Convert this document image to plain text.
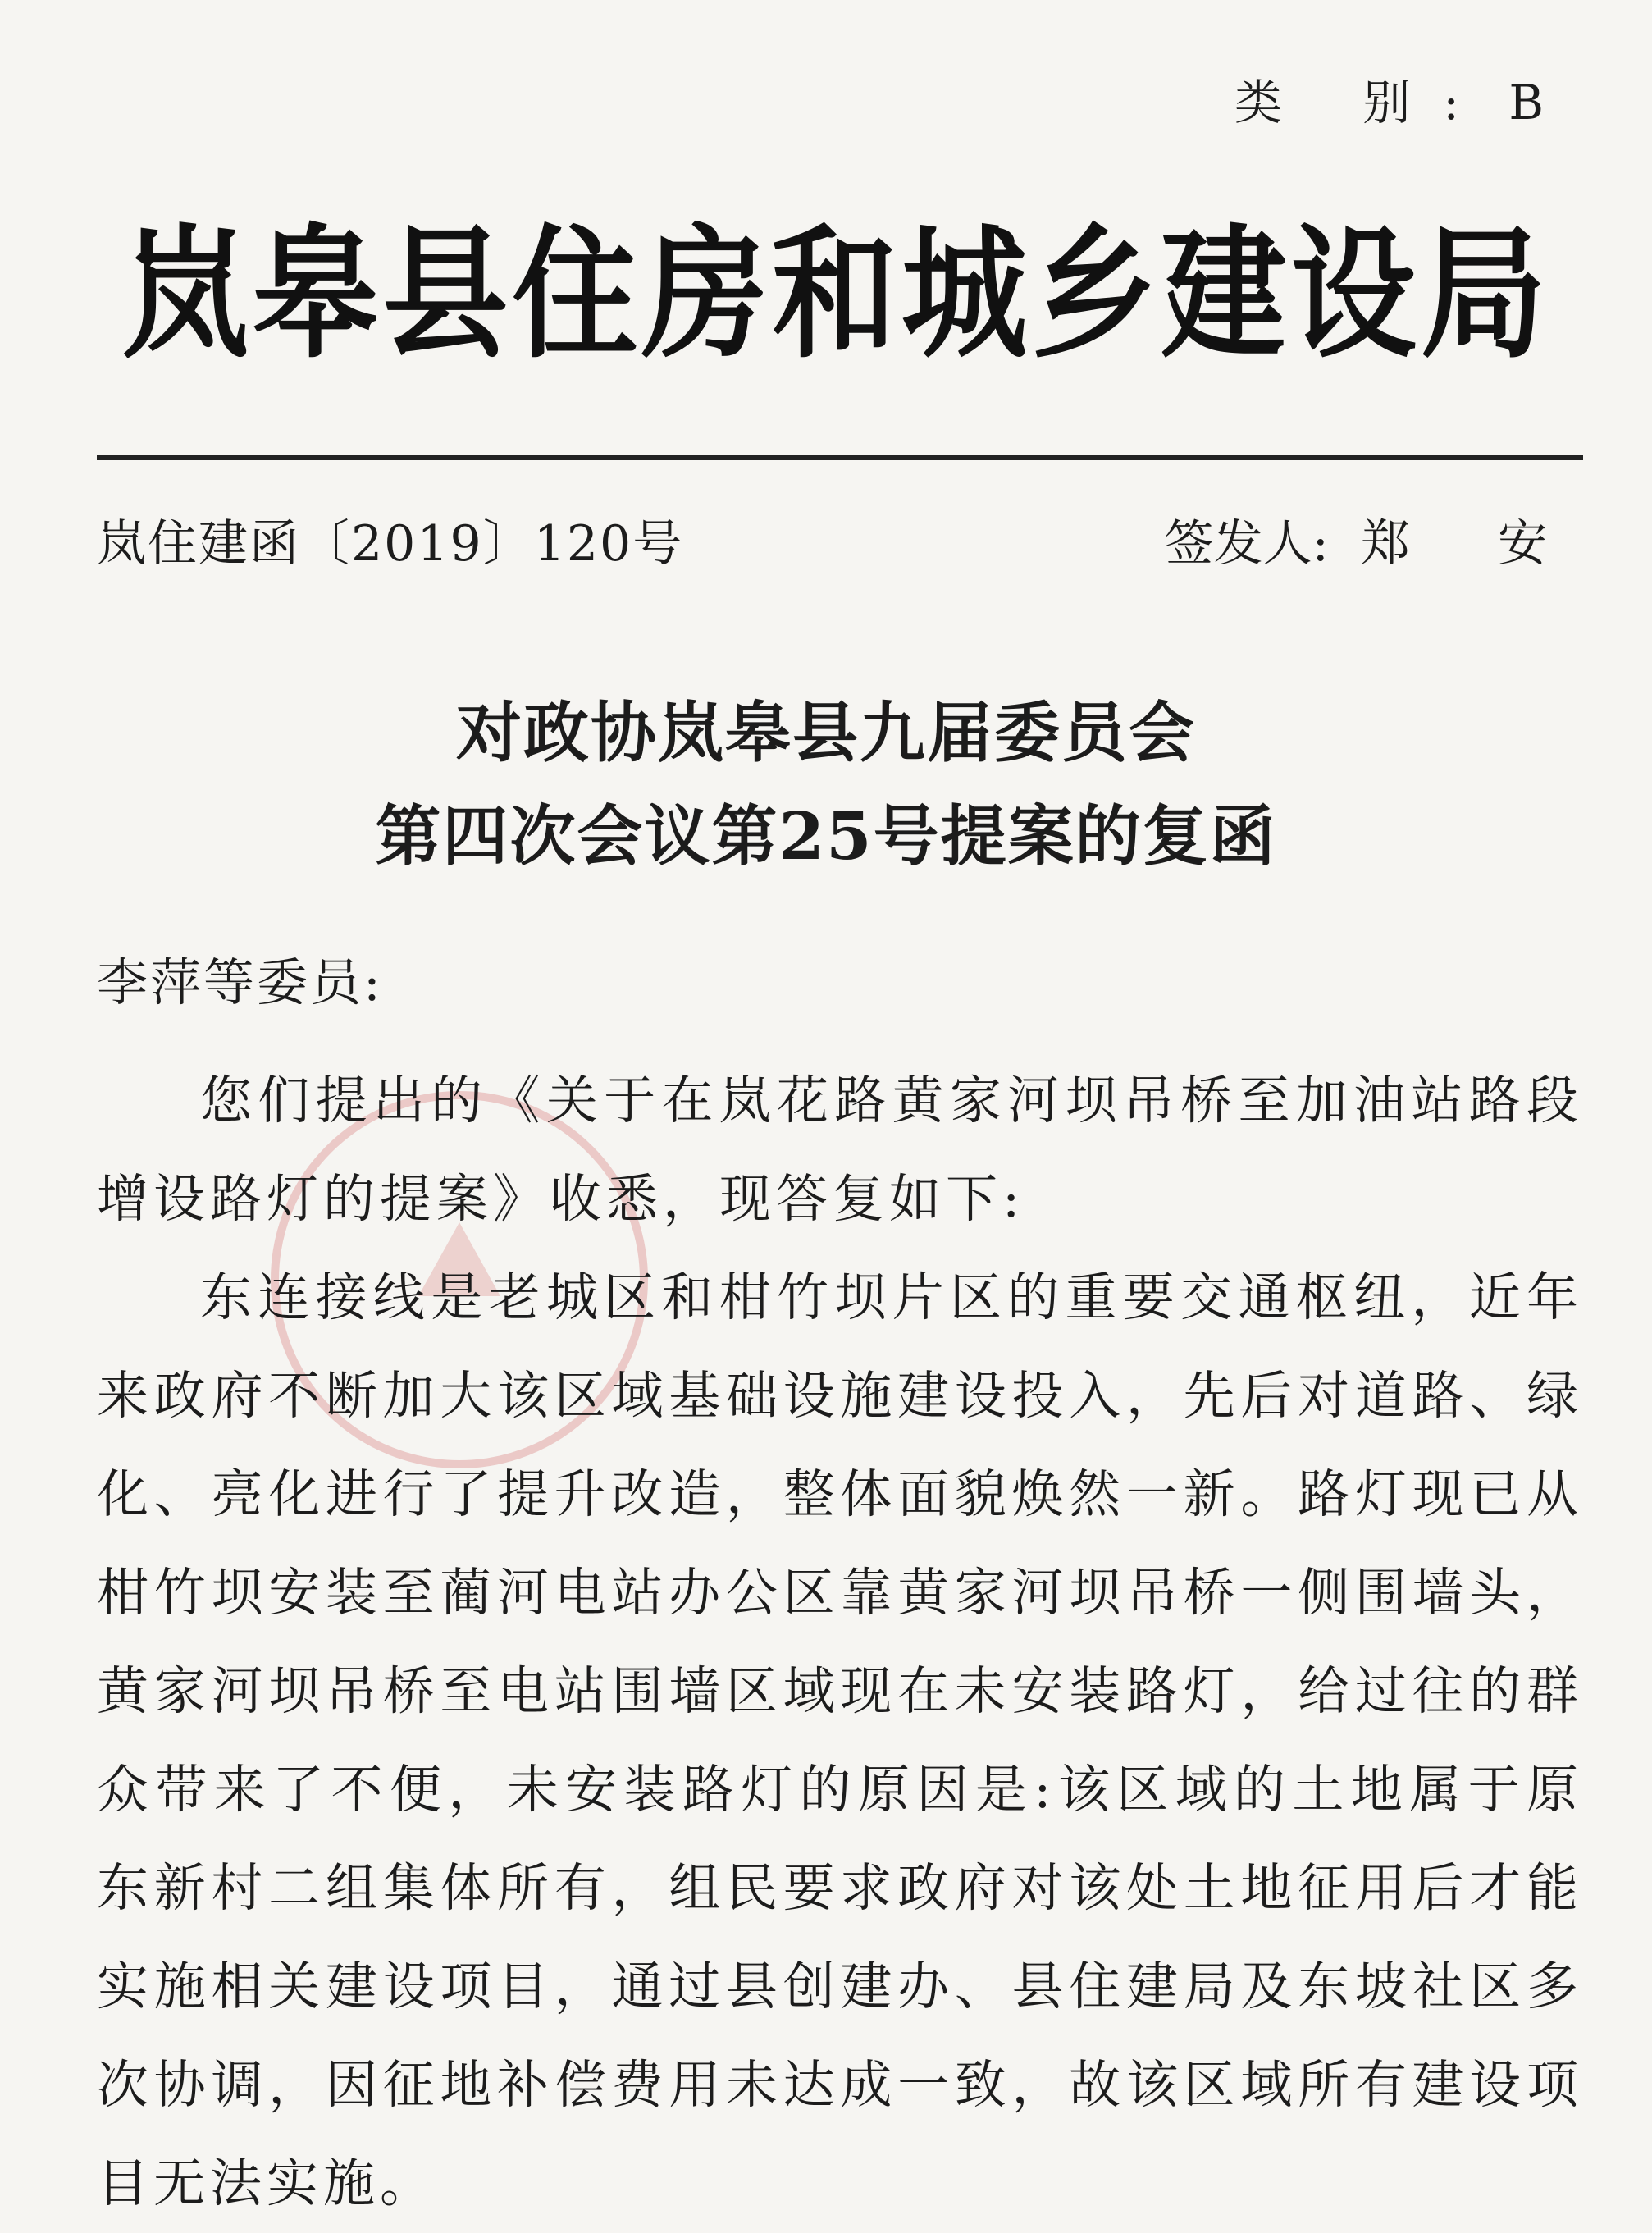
类 别: B
岚皋县住房和城乡建设局
岚住建函〔2019〕120号	签发人: 郑 安
对政协岚皋县九届委员会
第四次会议第25号提案的复函
李萍等委员:

您们提出的《关于在岚花路黄家河坝吊桥至加油站路段增设路灯的提案》收悉，现答复如下:

东连接线是老城区和柑竹坝片区的重要交通枢纽，近年来政府不断加大该区域基础设施建设投入，先后对道路、绿化、亮化进行了提升改造，整体面貌焕然一新。路灯现已从柑竹坝安装至蔺河电站办公区靠黄家河坝吊桥一侧围墙头，黄家河坝吊桥至电站围墙区域现在未安装路灯，给过往的群众带来了不便，未安装路灯的原因是:该区域的土地属于原东新村二组集体所有，组民要求政府对该处土地征用后才能实施相关建设项目，通过县创建办、县住建局及东坡社区多次协调，因征地补偿费用未达成一致，故该区域所有建设项目无法实施。
